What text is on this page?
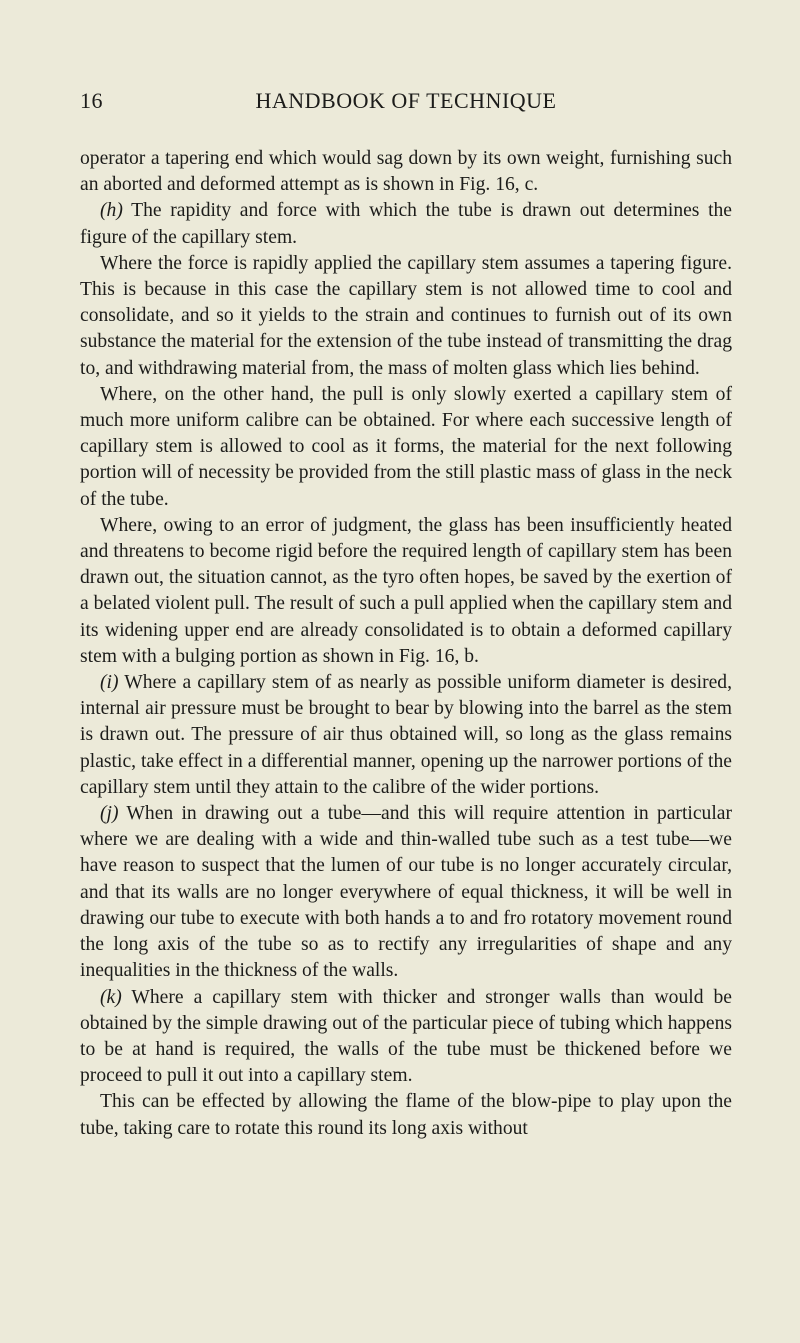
16	HANDBOOK OF TECHNIQUE

operator a tapering end which would sag down by its own weight, furnishing such an aborted and deformed attempt as is shown in Fig. 16, c.

(h) The rapidity and force with which the tube is drawn out determines the figure of the capillary stem.

Where the force is rapidly applied the capillary stem assumes a tapering figure. This is because in this case the capillary stem is not allowed time to cool and consolidate, and so it yields to the strain and continues to furnish out of its own substance the material for the extension of the tube instead of transmitting the drag to, and withdrawing material from, the mass of molten glass which lies behind.

Where, on the other hand, the pull is only slowly exerted a capillary stem of much more uniform calibre can be obtained. For where each successive length of capillary stem is allowed to cool as it forms, the material for the next following portion will of necessity be provided from the still plastic mass of glass in the neck of the tube.

Where, owing to an error of judgment, the glass has been insufficiently heated and threatens to become rigid before the required length of capillary stem has been drawn out, the situation cannot, as the tyro often hopes, be saved by the exertion of a belated violent pull. The result of such a pull applied when the capillary stem and its widening upper end are already consolidated is to obtain a deformed capillary stem with a bulging portion as shown in Fig. 16, b.

(i) Where a capillary stem of as nearly as possible uniform diameter is desired, internal air pressure must be brought to bear by blowing into the barrel as the stem is drawn out. The pressure of air thus obtained will, so long as the glass remains plastic, take effect in a differential manner, opening up the narrower portions of the capillary stem until they attain to the calibre of the wider portions.

(j) When in drawing out a tube—and this will require attention in particular where we are dealing with a wide and thin-walled tube such as a test tube—we have reason to suspect that the lumen of our tube is no longer accurately circular, and that its walls are no longer everywhere of equal thickness, it will be well in drawing our tube to execute with both hands a to and fro rotatory movement round the long axis of the tube so as to rectify any irregularities of shape and any inequalities in the thickness of the walls.

(k) Where a capillary stem with thicker and stronger walls than would be obtained by the simple drawing out of the particular piece of tubing which happens to be at hand is required, the walls of the tube must be thickened before we proceed to pull it out into a capillary stem.

This can be effected by allowing the flame of the blow-pipe to play upon the tube, taking care to rotate this round its long axis without
